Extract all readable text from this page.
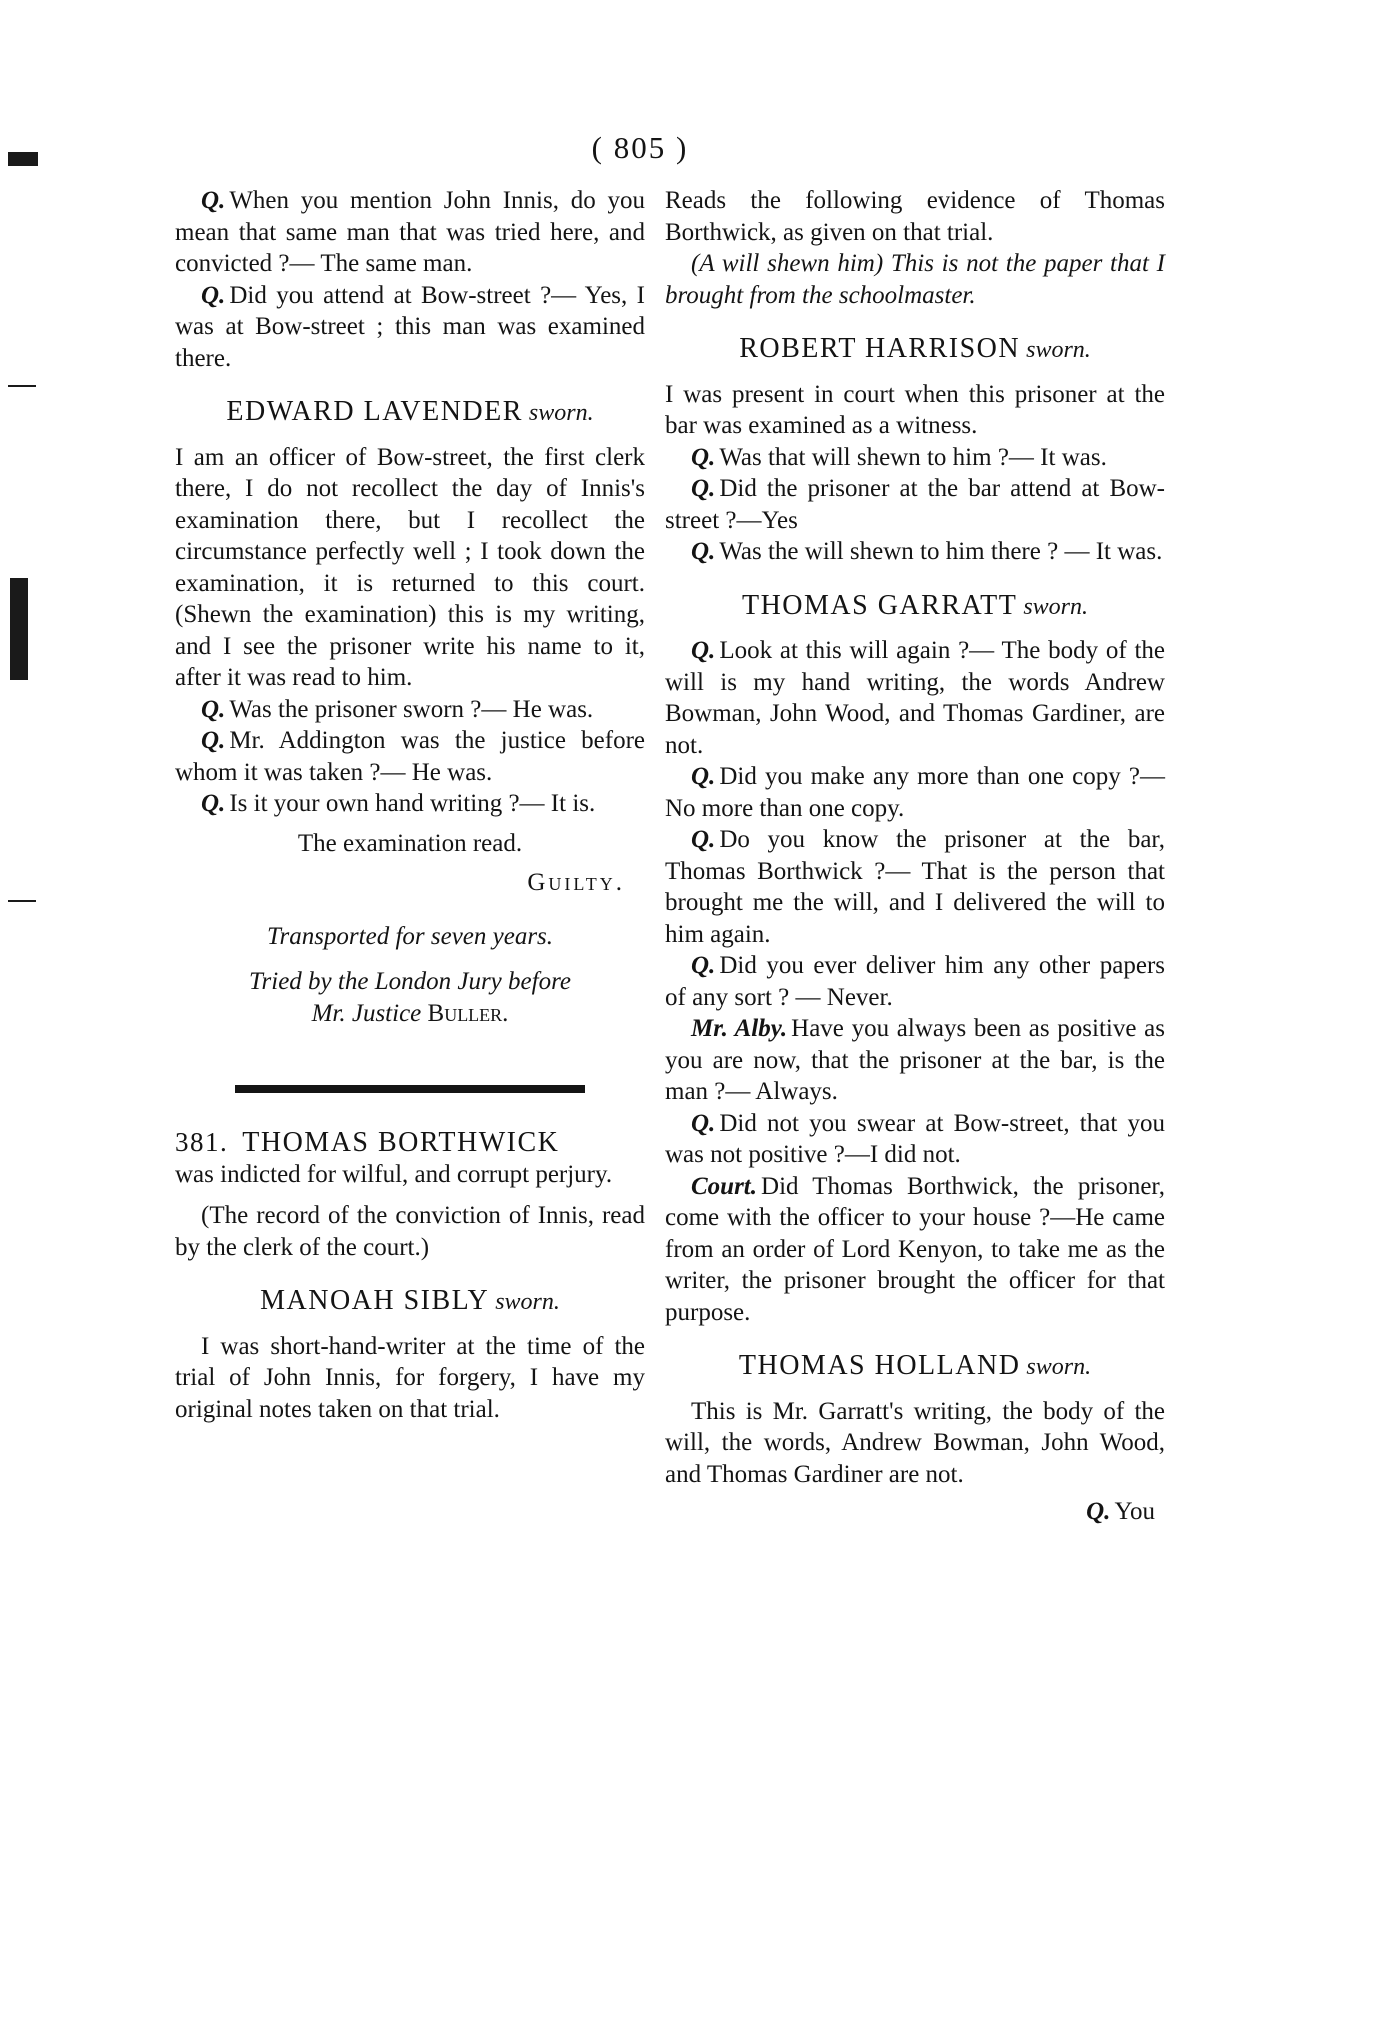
( 805 )

Q. When you mention John Innis, do you mean that same man that was tried here, and convicted ?— The same man.

Q. Did you attend at Bow-street ?— Yes, I was at Bow-street ; this man was examined there.

EDWARD LAVENDER sworn.

I am an officer of Bow-street, the first clerk there, I do not recollect the day of Innis's examination there, but I recollect the circumstance perfectly well ; I took down the examination, it is returned to this court. (Shewn the examination) this is my writing, and I see the prisoner write his name to it, after it was read to him.

Q. Was the prisoner sworn ?— He was.

Q. Mr. Addington was the justice before whom it was taken ?— He was.

Q. Is it your own hand writing ?— It is.

The examination read.

Guilty.

Transported for seven years.

Tried by the London Jury before

Mr. Justice Buller.

381. THOMAS BORTHWICK

was indicted for wilful, and corrupt perjury.

(The record of the conviction of Innis, read by the clerk of the court.)

MANOAH SIBLY sworn.

I was short-hand-writer at the time of the trial of John Innis, for forgery, I have my original notes taken on that trial.

Reads the following evidence of Thomas Borthwick, as given on that trial.

(A will shewn him) This is not the paper that I brought from the schoolmaster.

ROBERT HARRISON sworn.

I was present in court when this prisoner at the bar was examined as a witness.

Q. Was that will shewn to him ?— It was.

Q. Did the prisoner at the bar attend at Bow-street ?—Yes

Q. Was the will shewn to him there ? — It was.

THOMAS GARRATT sworn.

Q. Look at this will again ?— The body of the will is my hand writing, the words Andrew Bowman, John Wood, and Thomas Gardiner, are not.

Q. Did you make any more than one copy ?— No more than one copy.

Q. Do you know the prisoner at the bar, Thomas Borthwick ?— That is the person that brought me the will, and I delivered the will to him again.

Q. Did you ever deliver him any other papers of any sort ? — Never.

Mr. Alby. Have you always been as positive as you are now, that the prisoner at the bar, is the man ?— Always.

Q. Did not you swear at Bow-street, that you was not positive ?—I did not.

Court. Did Thomas Borthwick, the prisoner, come with the officer to your house ?—He came from an order of Lord Kenyon, to take me as the writer, the prisoner brought the officer for that purpose.

THOMAS HOLLAND sworn.

This is Mr. Garratt's writing, the body of the will, the words, Andrew Bowman, John Wood, and Thomas Gardiner are not.

Q. You
